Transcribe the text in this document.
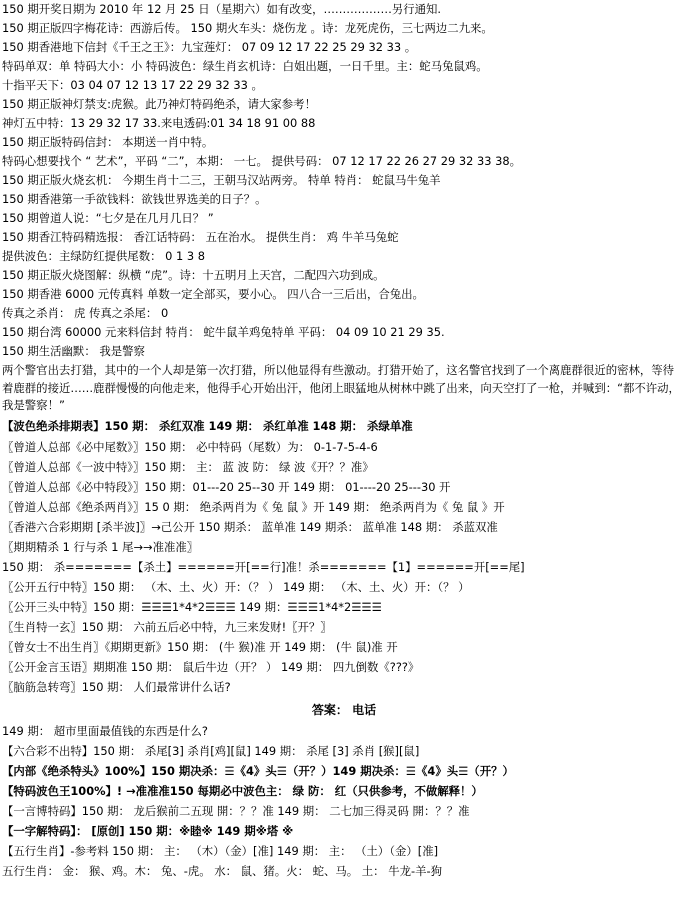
150 期开奖日期为 2010 年 12 月 25 日（星期六）如有改变，………………另行通知.
150 期正版四字梅花诗：西游后传。 150 期火车头：烧伤龙 。诗：龙死虎伤，三七两边二九来。
150 期香港地下信封《千王之王》：九宝莲灯： 07 09 12 17 22 25 29 32 33 。
特码单双：单 特码大小：小 特码波色：绿生肖玄机诗：白姐出题，一日千里。主：蛇马兔鼠鸡。
十指平天下：03 04 07 12 13 17 22 29 32 33 。
150 期正版神灯禁支:虎猴。此乃神灯特码绝杀，请大家参考！
神灯五中特：13 29 32 17 33.来电透码:01 34 18 91 00 88
150 期正版特码信封： 本期送一肖中特。
特码心想要找个 “ 艺术”，平码 “二”，本期： 一七。 提供号码： 07 12 17 22 26 27 29 32 33 38。
150 期正版火烧玄机： 今期生肖十二三，王朝马汉站两旁。 特单 特肖： 蛇鼠马牛兔羊
150 期香港第一手欲钱料：欲钱世界选美的日子？。
150 期曾道人说：“七夕是在几月几日？ ”
150 期香江特码精选报： 香江话特码： 五在治水。 提供生肖： 鸡 牛羊马兔蛇
提供波色：主绿防红提供尾数： 0 1 3 8
150 期正版火烧图解：纵横 “虎”。诗：十五明月上天宫，二配四六功到成。
150 期香港 6000 元传真料 单数一定全部买，要小心。 四八合一三后出，合兔出。
传真之杀肖： 虎 传真之杀尾： 0
150 期台湾 60000 元来料信封 特肖： 蛇牛鼠羊鸡兔特单 平码： 04 09 10 21 29 35.
150 期生活幽默： 我是警察
两个警官出去打猎，其中的一个人却是第一次打猎，所以他显得有些激动。打猎开始了，这名警官找到了一个离鹿群很近的密林，等待着鹿群的接近……鹿群慢慢的向他走来，他得手心开始出汗，他闭上眼猛地从树林中跳了出来，向天空打了一枪，并喊到：“都不许动，我是警察！”
【波色绝杀排期表】150 期： 杀红双准 149 期： 杀红单准 148 期： 杀绿单准
〖曾道人总部《必中尾数》〗150 期： 必中特码（尾数）为： 0-1-7-5-4-6
〖曾道人总部《一波中特》〗150 期： 主： 蓝 波 防： 绿 波《开？？准》
〖曾道人总部《必中特段》〗150 期：01---20 25--30 开 149 期： 01----20 25---30 开
〖曾道人总部《绝杀两肖》〗15 0 期： 绝杀两肖为《 兔 鼠 》开 149 期： 绝杀两肖为《 兔 鼠 》开
〖香港六合彩期期 [杀半波]〗→己公开 150 期杀： 蓝单准 149 期杀： 蓝单准 148 期： 杀蓝双准
〖期期精杀 1 行与杀 1 尾→→准准准〗
150 期： 杀=======【杀土】======开[==行]准！杀=======【1】======开[==尾]
〖公开五行中特〗150 期： （木、土、火）开：（？ ） 149 期： （木、土、火）开：（？ ）
〖公开三头中特〗150 期：☰☰☰1*4*2☰☰☰ 149 期：☰☰☰1*4*2☰☰☰
〖生肖特一玄〗150 期： 六前五后必中特，九三来发财!〖开？〗
〖曾女士不出生肖〗《期期更新》150 期： (牛 猴)准 开 149 期： (牛 鼠)准 开
〖公开金言玉语〗期期准 150 期： 鼠后牛边（开？ ） 149 期： 四九倒数《???》
〖脑筋急转弯〗150 期： 人们最常讲什么话?
答案： 电话
149 期： 超市里面最值钱的东西是什么?
【六合彩不出特】150 期： 杀尾[3] 杀肖[鸡][鼠] 149 期： 杀尾 [3] 杀肖 [猴][鼠]
【内部《绝杀特头》100%】150 期决杀：☰《4》头☰（开？）149 期决杀：☰《4》头☰（开？）
【特码波色王100%】! →准准准150 每期必中波色主： 绿 防： 红（只供参考，不做解释！）
【一言博特码】150 期： 龙后猴前二五现 開：？？准 149 期： 二七加三得灵码 開：？？准
【一字解特码】： [原创] 150 期：※睦※ 149 期※塔 ※
【五行生肖】-参考料 150 期： 主： （木）（金）[准] 149 期： 主： （土）（金）[准]
五行生肖： 金： 猴、鸡。木： 兔、-虎。 水： 鼠、猪。火： 蛇、马。 土： 牛龙-羊-狗
